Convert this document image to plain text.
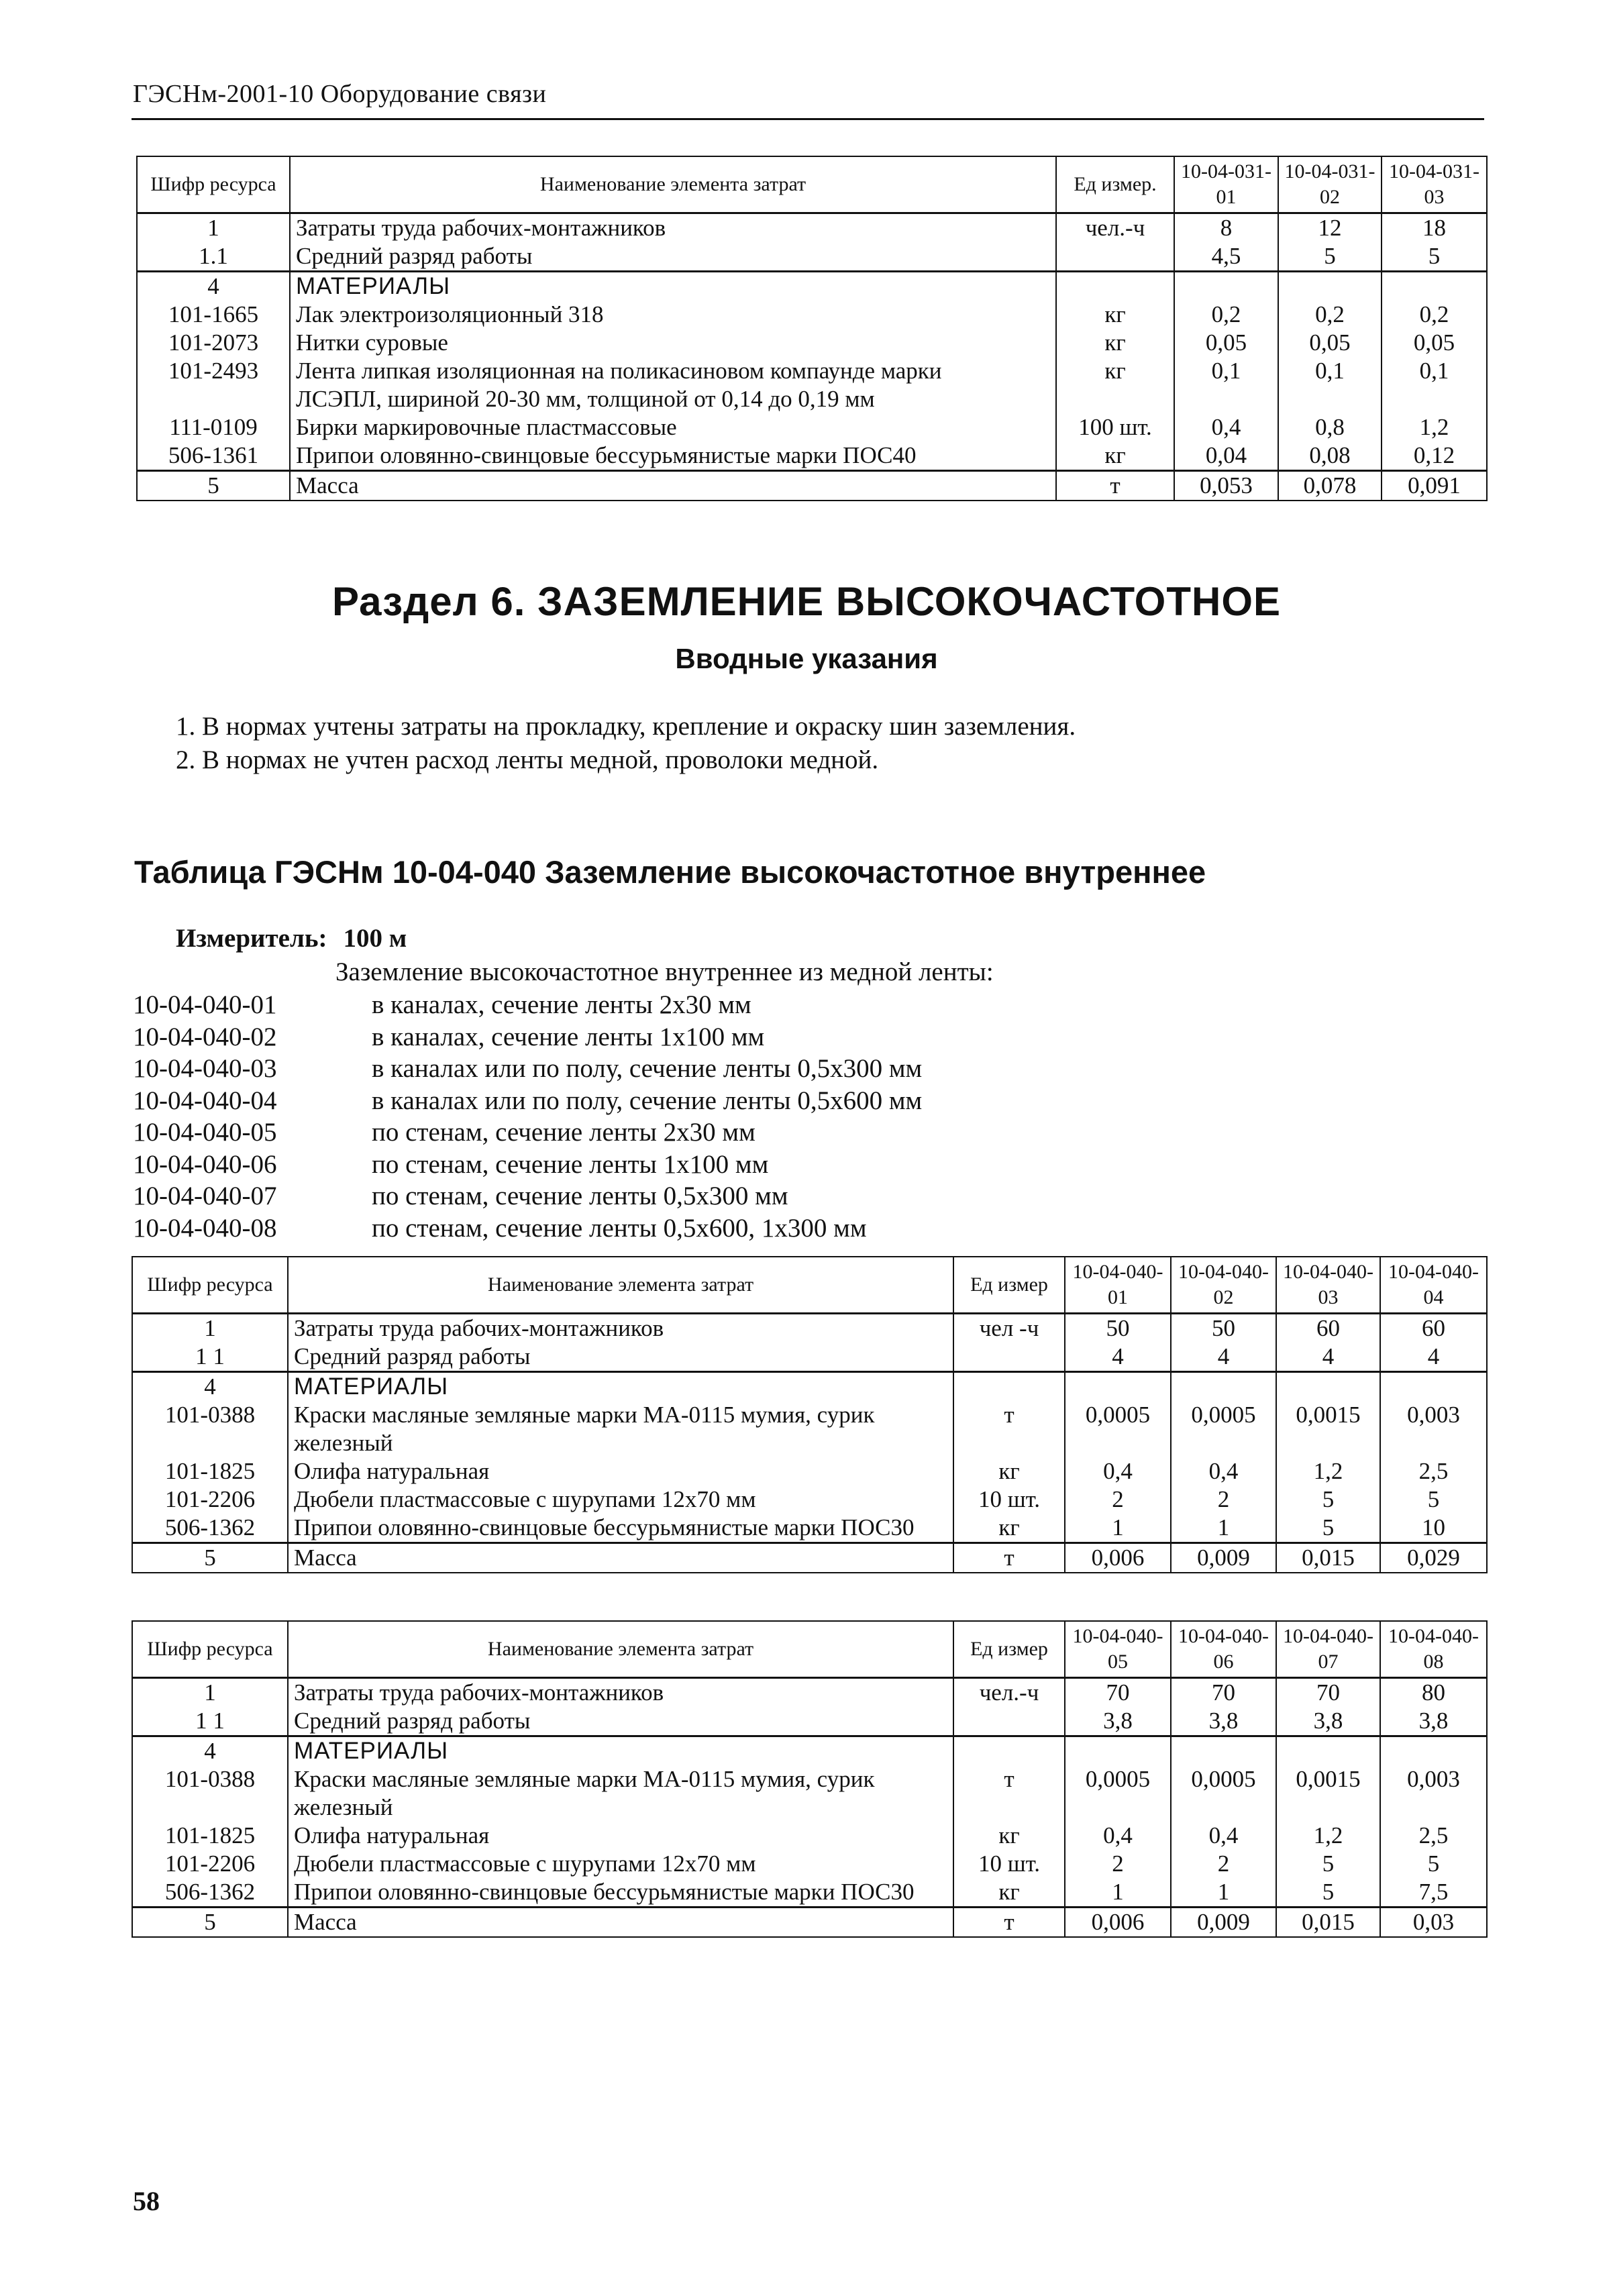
ГЭСНм-2001-10 Оборудование связи
Шифр ресурса	Наименование элемента затрат	Ед измер.	10-04-031-01	10-04-031-02	10-04-031-03
1	Затраты труда рабочих-монтажников	чел.-ч	8	12	18
1.1	Средний разряд работы		4,5	5	5
4	МАТЕРИАЛЫ				
101-1665	Лак электроизоляционный 318	кг	0,2	0,2	0,2
101-2073	Нитки суровые	кг	0,05	0,05	0,05
101-2493	Лента липкая изоляционная на поликасиновом компаунде марки	кг	0,1	0,1	0,1
	ЛСЭПЛ, шириной 20-30 мм, толщиной от 0,14 до 0,19 мм				
111-0109	Бирки маркировочные пластмассовые	100 шт.	0,4	0,8	1,2
506-1361	Припои оловянно-свинцовые бессурьмянистые марки ПОС40	кг	0,04	0,08	0,12
5	Масса	т	0,053	0,078	0,091
Раздел 6. ЗАЗЕМЛЕНИЕ ВЫСОКОЧАСТОТНОЕ
Вводные указания
1. В нормах учтены затраты на прокладку, крепление и окраску шин заземления.
2. В нормах не учтен расход ленты медной, проволоки медной.
Таблица ГЭСНм 10-04-040 Заземление высокочастотное внутреннее
Измеритель: 100 м
Заземление высокочастотное внутреннее из медной ленты:
10-04-040-01	в каналах, сечение ленты 2x30 мм
10-04-040-02	в каналах, сечение ленты 1x100 мм
10-04-040-03	в каналах или по полу, сечение ленты 0,5x300 мм
10-04-040-04	в каналах или по полу, сечение ленты 0,5x600 мм
10-04-040-05	по стенам, сечение ленты 2x30 мм
10-04-040-06	по стенам, сечение ленты 1x100 мм
10-04-040-07	по стенам, сечение ленты 0,5x300 мм
10-04-040-08	по стенам, сечение ленты 0,5x600, 1x300 мм
Шифр ресурса	Наименование элемента затрат	Ед измер	10-04-040-01	10-04-040-02	10-04-040-03	10-04-040-04
1	Затраты труда рабочих-монтажников	чел -ч	50	50	60	60
1 1	Средний разряд работы		4	4	4	4
4	МАТЕРИАЛЫ					
101-0388	Краски масляные земляные марки МА-0115 мумия, сурик железный	т	0,0005	0,0005	0,0015	0,003
101-1825	Олифа натуральная	кг	0,4	0,4	1,2	2,5
101-2206	Дюбели пластмассовые с шурупами 12x70 мм	10 шт.	2	2	5	5
506-1362	Припои оловянно-свинцовые бессурьмянистые марки ПОС30	кг	1	1	5	10
5	Масса	т	0,006	0,009	0,015	0,029
Шифр ресурса	Наименование элемента затрат	Ед измер	10-04-040-05	10-04-040-06	10-04-040-07	10-04-040-08
1	Затраты труда рабочих-монтажников	чел.-ч	70	70	70	80
1 1	Средний разряд работы		3,8	3,8	3,8	3,8
4	МАТЕРИАЛЫ					
101-0388	Краски масляные земляные марки МА-0115 мумия, сурик железный	т	0,0005	0,0005	0,0015	0,003
101-1825	Олифа натуральная	кг	0,4	0,4	1,2	2,5
101-2206	Дюбели пластмассовые с шурупами 12x70 мм	10 шт.	2	2	5	5
506-1362	Припои оловянно-свинцовые бессурьмянистые марки ПОС30	кг	1	1	5	7,5
5	Масса	т	0,006	0,009	0,015	0,03
58
